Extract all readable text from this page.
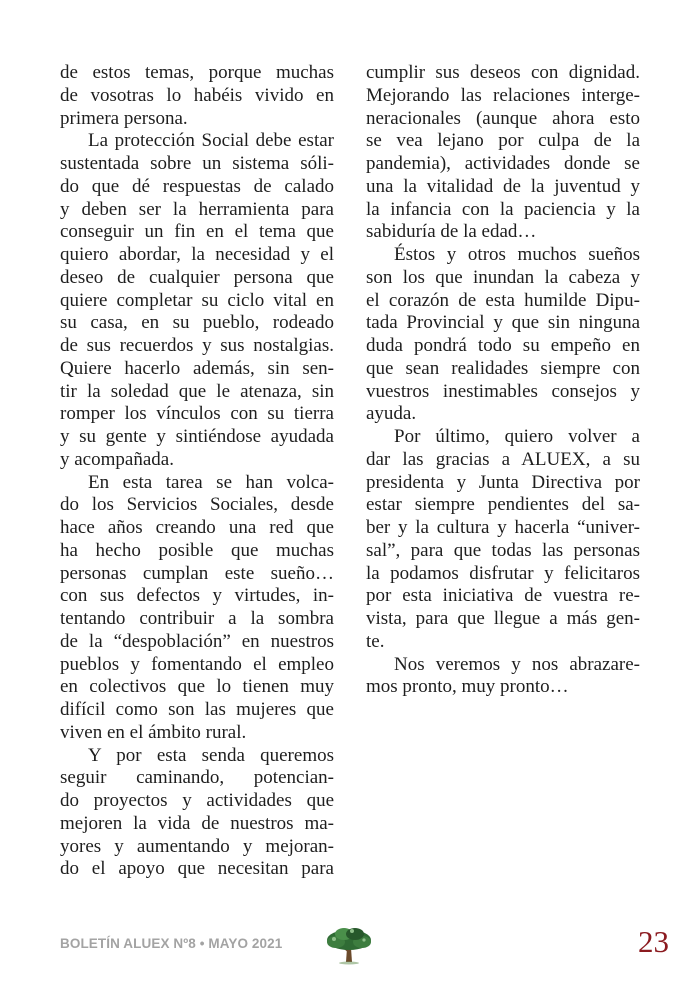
de estos temas, porque muchas
de vosotras lo habéis vivido en
primera persona.
La protección Social debe estar
sustentada sobre un sistema sóli-
do que dé respuestas de calado
y deben ser la herramienta para
conseguir un fin en el tema que
quiero abordar, la necesidad y el
deseo de cualquier persona que
quiere completar su ciclo vital en
su casa, en su pueblo, rodeado
de sus recuerdos y sus nostalgias.
Quiere hacerlo además, sin sen-
tir la soledad que le atenaza, sin
romper los vínculos con su tierra
y su gente y sintiéndose ayudada
y acompañada.
En esta tarea se han volca-
do los Servicios Sociales, desde
hace años creando una red que
ha hecho posible que muchas
personas cumplan este sueño…
con sus defectos y virtudes, in-
tentando contribuir a la sombra
de la “despoblación” en nuestros
pueblos y fomentando el empleo
en colectivos que lo tienen muy
difícil como son las mujeres que
viven en el ámbito rural.
Y por esta senda queremos
seguir caminando, potencian-
do proyectos y actividades que
mejoren la vida de nuestros ma-
yores y aumentando y mejoran-
do el apoyo que necesitan para
cumplir sus deseos con dignidad.
Mejorando las relaciones interge-
neracionales (aunque ahora esto
se vea lejano por culpa de la
pandemia), actividades donde se
una la vitalidad de la juventud y
la infancia con la paciencia y la
sabiduría de la edad…
Éstos y otros muchos sueños
son los que inundan la cabeza y
el corazón de esta humilde Dipu-
tada Provincial y que sin ninguna
duda pondrá todo su empeño en
que sean realidades siempre con
vuestros inestimables consejos y
ayuda.
Por último, quiero volver a
dar las gracias a ALUEX, a su
presidenta y Junta Directiva por
estar siempre pendientes del sa-
ber y la cultura y hacerla “univer-
sal”, para que todas las personas
la podamos disfrutar y felicitaros
por esta iniciativa de vuestra re-
vista, para que llegue a más gen-
te.
Nos veremos y nos abrazare-
mos pronto, muy pronto…
BOLETÍN ALUEX Nº8 • MAYO 2021	23
